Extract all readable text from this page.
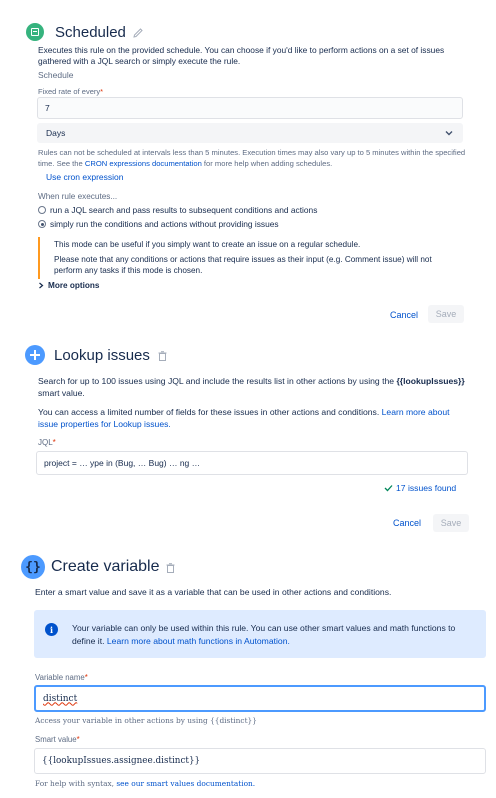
Scheduled
Executes this rule on the provided schedule. You can choose if you'd like to perform actions on a set of issues gathered with a JQL search or simply execute the rule.
Schedule
Fixed rate of every*
7
Days
Rules can not be scheduled at intervals less than 5 minutes. Execution times may also vary up to 5 minutes within the specified time. See the CRON expressions documentation for more help when adding schedules.
Use cron expression
When rule executes...
run a JQL search and pass results to subsequent conditions and actions
simply run the conditions and actions without providing issues
This mode can be useful if you simply want to create an issue on a regular schedule.
Please note that any conditions or actions that require issues as their input (e.g. Comment issue) will not perform any tasks if this mode is chosen.
More options
Cancel	Save
Lookup issues
Search for up to 100 issues using JQL and include the results list in other actions by using the {{lookupIssues}} smart value.
You can access a limited number of fields for these issues in other actions and conditions. Learn more about issue properties for Lookup issues.
JQL*
project = … ype in (Bug, … Bug) … ng …
17 issues found
Cancel	Save
{} Create variable
Enter a smart value and save it as a variable that can be used in other actions and conditions.
i	Your variable can only be used within this rule. You can use other smart values and math functions to define it. Learn more about math functions in Automation.
Variable name*
distinct
Access your variable in other actions by using {{distinct}}
Smart value*
{{lookupIssues.assignee.distinct}}
For help with syntax, see our smart values documentation.
